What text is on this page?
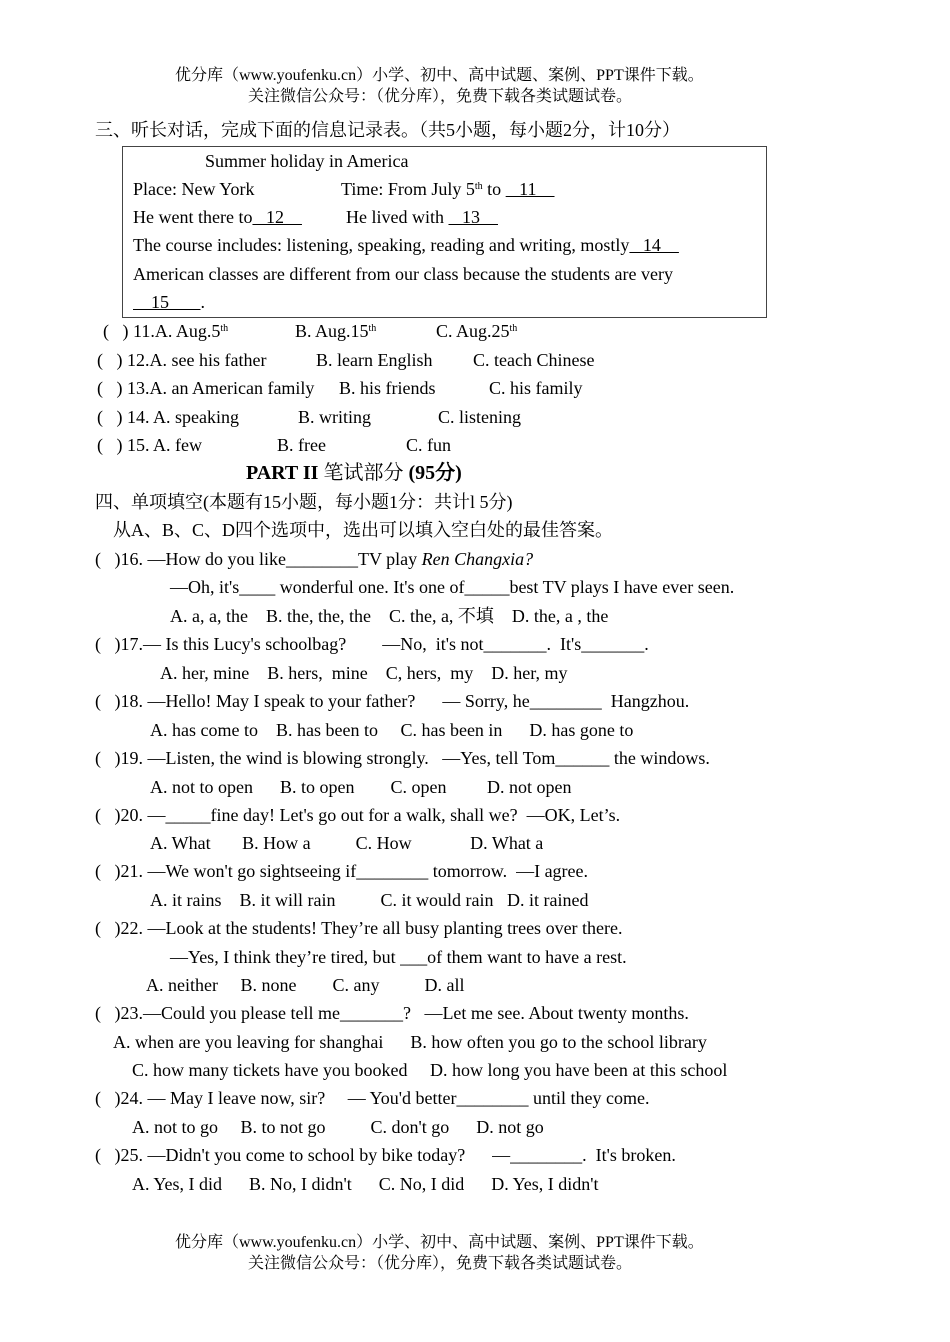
优分库（www.youfenku.cn）小学、初中、高中试题、案例、PPT课件下载。
关注微信公众号：（优分库），免费下载各类试题试卷。
三、听长对话，完成下面的信息记录表。（共5小题，每小题2分，计10分）
Summer holiday in America
Place: New York	Time: From July 5th to    11
He went there to   12 He lived with    13
The course includes: listening, speaking, reading and writing, mostly   14
American classes are different from our class because the students are very
15       .
(   ) 11.A. Aug.5th	B. Aug.15th	C. Aug.25th
(   ) 12.A. see his father	B. learn English C. teach Chinese
(   ) 13.A. an American family B. his friends	C. his family
(   ) 14. A. speaking	B. writing	C. listening
(   ) 15. A. few	B. free	C. fun
PART II 笔试部分 (95分)
四、单项填空(本题有15小题，每小题1分：共计l 5分)
从A、B、C、D四个选项中，选出可以填入空白处的最佳答案。
(   )16. —How do you like________TV play Ren Changxia?
—Oh, it's____ wonderful one. It's one of_____best TV plays I have ever seen.
A. a, a, the    B. the, the, the    C. the, a, 不填    D. the, a , the
(   )17.— Is this Lucy's schoolbag?        —No,  it's not_______.  It's_______.
A. her, mine    B. hers,  mine    C, hers,  my    D. her, my
(   )18. —Hello! May I speak to your father?      — Sorry, he________  Hangzhou.
A. has come to    B. has been to     C. has been in      D. has gone to
(   )19. —Listen, the wind is blowing strongly.   —Yes, tell Tom______ the windows.
A. not to open      B. to open        C. open         D. not open
(   )20. —_____fine day! Let's go out for a walk, shall we?  —OK, Let’s.
A. What       B. How a          C. How             D. What a
(   )21. —We won't go sightseeing if________ tomorrow.  —I agree.
A. it rains    B. it will rain          C. it would rain   D. it rained
(   )22. —Look at the students! They’re all busy planting trees over there.
—Yes, I think they’re tired, but ___of them want to have a rest.
A. neither     B. none        C. any          D. all
(   )23.—Could you please tell me_______?   —Let me see. About twenty months.
A. when are you leaving for shanghai      B. how often you go to the school library
C. how many tickets have you booked     D. how long you have been at this school
(   )24. — May I leave now, sir?     — You'd better________ until they come.
A. not to go     B. to not go          C. don't go      D. not go
(   )25. —Didn't you come to school by bike today?      —________.  It's broken.
A. Yes, I did      B. No, I didn't      C. No, I did      D. Yes, I didn't
优分库（www.youfenku.cn）小学、初中、高中试题、案例、PPT课件下载。
关注微信公众号：（优分库），免费下载各类试题试卷。
